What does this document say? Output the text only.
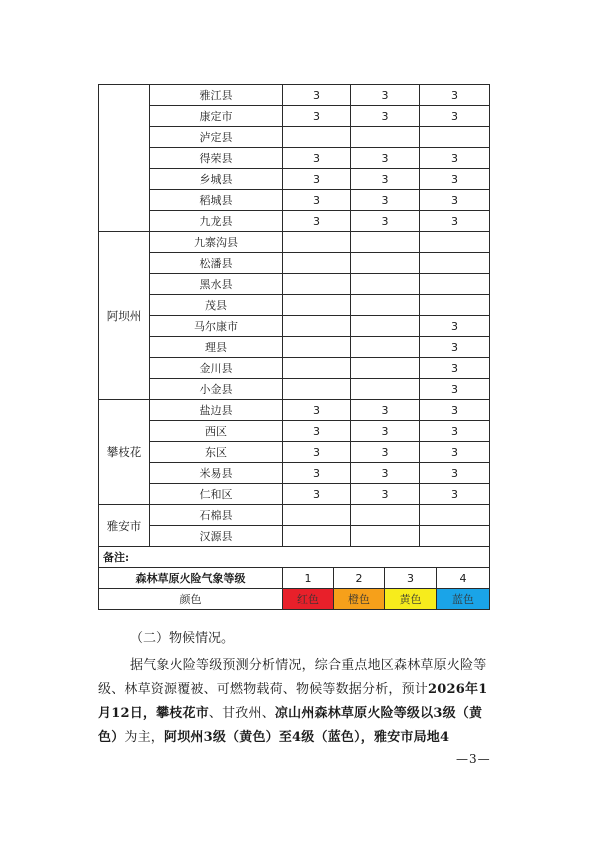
	雅江县	3	3	3
	康定市	3	3	3
	泸定县			
	得荣县	3	3	3
	乡城县	3	3	3
	稻城县	3	3	3
	九龙县	3	3	3
阿坝州	九寨沟县			
	松潘县			
	黑水县			
	茂县			
	马尔康市			3
	理县			3
	金川县			3
	小金县			3
攀枝花	盐边县	3	3	3
	西区	3	3	3
	东区	3	3	3
	米易县	3	3	3
	仁和区	3	3	3
雅安市	石棉县			
	汉源县			
备注:				
（二）物候情况。
据气象火险等级预测分析情况，综合重点地区森林草原火险等级、林草资源覆被、可燃物载荷、物候等数据分析，预计2026年1月12日，攀枝花市、甘孜州、凉山州森林草原火险等级以3级（黄色）为主，阿坝州3级（黄色）至4级（蓝色），雅安市局地4
—3—
森林草原火险气象等级	1	2	3	4
颜色	红色	橙色	黄色	蓝色
